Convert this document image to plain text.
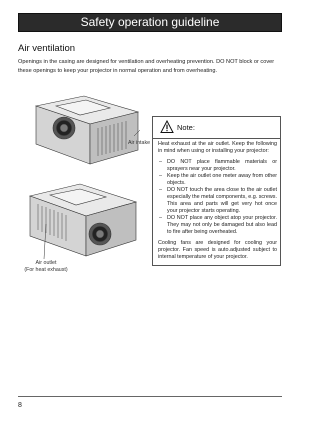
Safety operation guideline
Air ventilation
Openings in the casing are designed for ventilation and overheating prevention. DO NOT block or cover these openings to keep your projector in normal operation and from overheating.
Air intake
Air outlet
(For heat exhaust)
Note:

Heat exhaust at the air outlet. Keep the following in mind when using or installing your projector:

– DO NOT place flammable materials or sprayers near your projector.
– Keep the air outlet one meter away from other objects.
– DO NOT touch the area close to the air outlet especially the metal components, e.g. screws. This area and parts will get very hot once your projector starts operating.
– DO NOT place any object atop your projector. They may not only be damaged but also lead to fire after being overheated.

Cooling fans are designed for cooling your projector. Fan speed is auto.adjusted subject to internal temperature of your projector.

8
